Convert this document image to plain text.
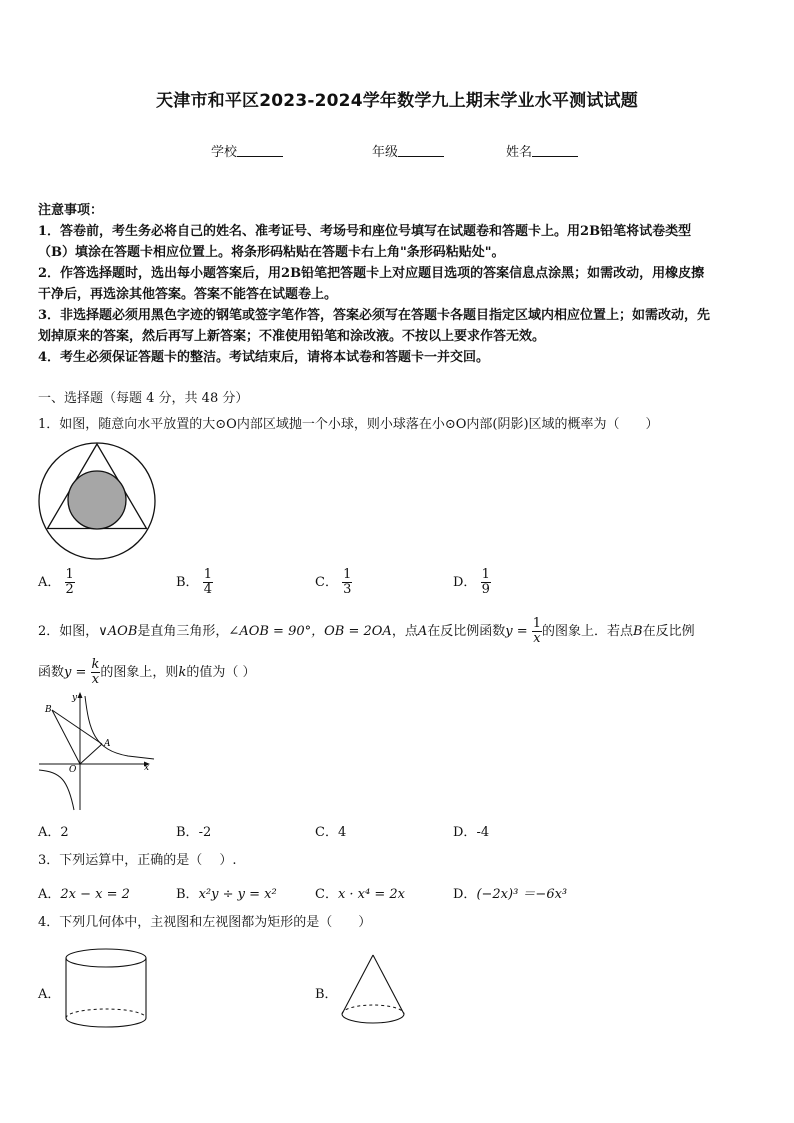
天津市和平区2023-2024学年数学九上期末学业水平测试试题
学校	年级	姓名
注意事项：
1．答卷前，考生务必将自己的姓名、准考证号、考场号和座位号填写在试题卷和答题卡上。用2B铅笔将试卷类型
（B）填涂在答题卡相应位置上。将条形码粘贴在答题卡右上角"条形码粘贴处"。
2．作答选择题时，选出每小题答案后，用2B铅笔把答题卡上对应题目选项的答案信息点涂黑；如需改动，用橡皮擦
干净后，再选涂其他答案。答案不能答在试题卷上。
3．非选择题必须用黑色字迹的钢笔或签字笔作答，答案必须写在答题卡各题目指定区域内相应位置上；如需改动，先
划掉原来的答案，然后再写上新答案；不准使用铅笔和涂改液。不按以上要求作答无效。
4．考生必须保证答题卡的整洁。考试结束后，请将本试卷和答题卡一并交回。
一、选择题（每题 4 分，共 48 分）
1．如图，随意向水平放置的大⊙O内部区域抛一个小球，则小球落在小⊙O内部(阴影)区域的概率为（　　）
A． $\frac{1}{2}$	B． $\frac{1}{4}$	C． $\frac{1}{3}$	D． $\frac{1}{9}$
2．如图，∨AOB是直角三角形，∠AOB = 90°，OB = 2OA，点A在反比例函数$y = \frac{1}{x}$ 的图象上．若点B在反比例
函数$y = \frac{k}{x}$ 的图象上，则k的值为（ ）
y
x
O
A
B
A．2	B．-2	C．4	D．-4
3．下列运算中，正确的是（　 ）.
A．2x − x = 2	B．x²y ÷ y = x²	C．x · x⁴ = 2x	D．(−2x)³ ＝−6x³
4．下列几何体中，主视图和左视图都为矩形的是（　　）
A．	B．
